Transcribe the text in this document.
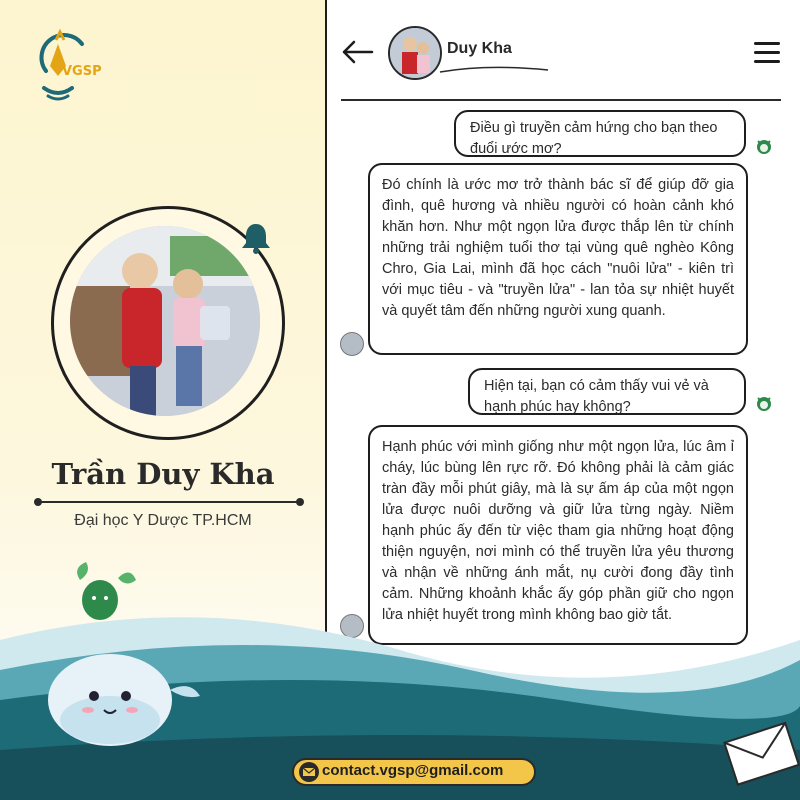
VGSP
Trần Duy Kha
Đại học Y Dược TP.HCM
Duy Kha
Điều gì truyền cảm hứng cho bạn theo đuổi ước mơ?
Đó chính là ước mơ trở thành bác sĩ để giúp đỡ gia đình, quê hương và nhiều người có hoàn cảnh khó khăn hơn. Như một ngọn lửa được thắp lên từ chính những trải nghiệm tuổi thơ tại vùng quê nghèo Kông Chro, Gia Lai, mình đã học cách "nuôi lửa" - kiên trì với mục tiêu - và "truyền lửa" - lan tỏa sự nhiệt huyết và quyết tâm đến những người xung quanh.
Hiện tại, bạn có cảm thấy vui vẻ và hạnh phúc hay không?
Hạnh phúc với mình giống như một ngọn lửa, lúc âm ỉ cháy, lúc bùng lên rực rỡ. Đó không phải là cảm giác tràn đầy mỗi phút giây, mà là sự ấm áp của một ngọn lửa được nuôi dưỡng và giữ lửa từng ngày. Niềm hạnh phúc ấy đến từ việc tham gia những hoạt động thiện nguyện, nơi mình có thể truyền lửa yêu thương và nhận về những ánh mắt, nụ cười đong đầy tình cảm. Những khoảnh khắc ấy góp phần giữ cho ngọn lửa nhiệt huyết trong mình không bao giờ tắt.
contact.vgsp@gmail.com
